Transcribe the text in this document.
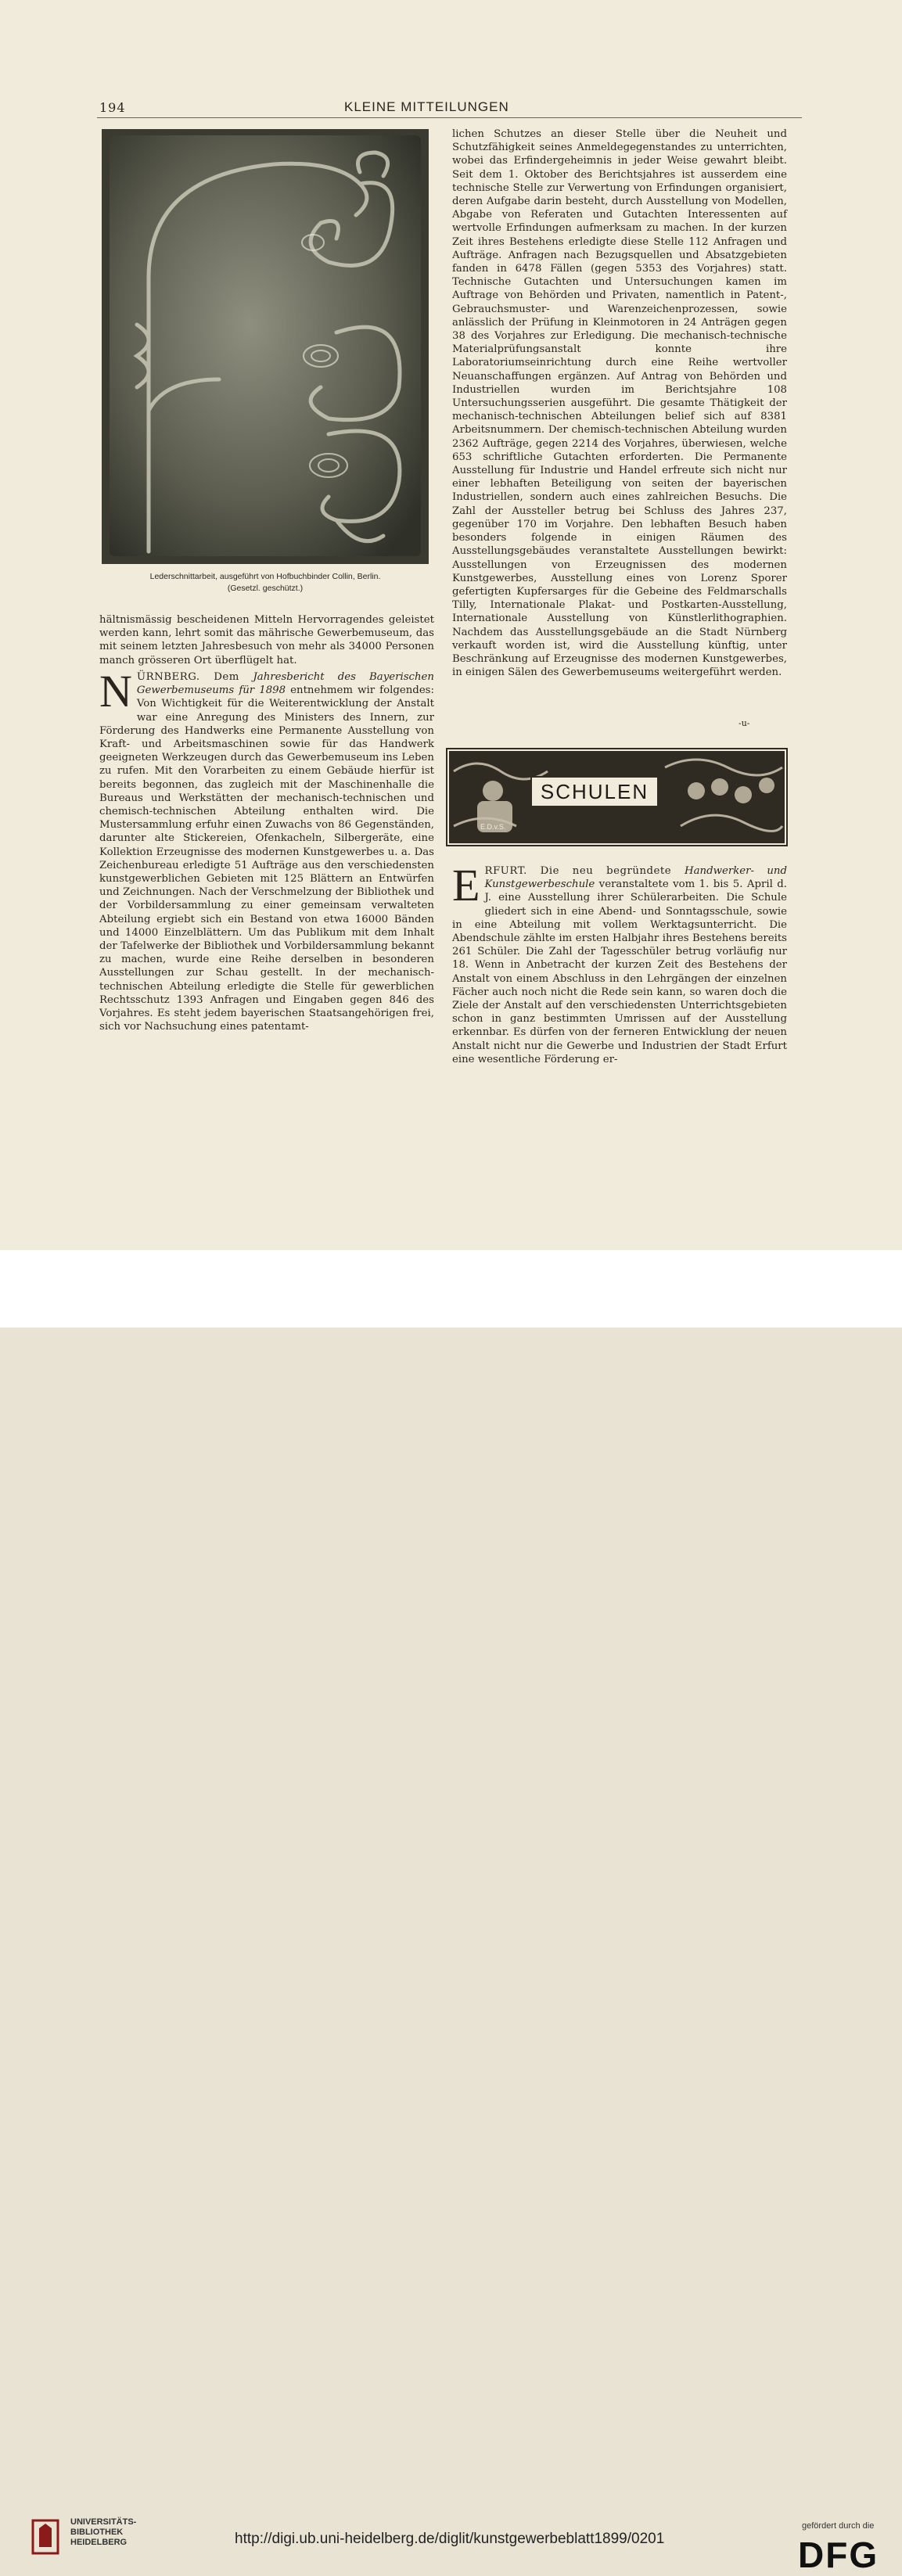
194	KLEINE MITTEILUNGEN
Lederschnittarbeit, ausgeführt von Hofbuchbinder Collin, Berlin.
(Gesetzl. geschützt.)

hältnismässig bescheidenen Mitteln Hervorragendes geleistet werden kann, lehrt somit das mährische Gewerbemuseum, das mit seinem letzten Jahresbesuch von mehr als 34000 Personen manch grösseren Ort überflügelt hat.

NÜRNBERG. Dem Jahresbericht des Bayerischen Gewerbemuseums für 1898 entnehmem wir folgendes: Von Wichtigkeit für die Weiterentwicklung der Anstalt war eine Anregung des Ministers des Innern, zur Förderung des Handwerks eine Permanente Ausstellung von Kraft- und Arbeitsmaschinen sowie für das Handwerk geeigneten Werkzeugen durch das Gewerbemuseum ins Leben zu rufen. Mit den Vorarbeiten zu einem Gebäude hierfür ist bereits begonnen, das zugleich mit der Maschinenhalle die Bureaus und Werkstätten der mechanisch-technischen und chemisch-technischen Abteilung enthalten wird. Die Mustersammlung erfuhr einen Zuwachs von 86 Gegenständen, darunter alte Stickereien, Ofenkacheln, Silbergeräte, eine Kollektion Erzeugnisse des modernen Kunstgewerbes u. a. Das Zeichenbureau erledigte 51 Aufträge aus den verschiedensten kunstgewerblichen Gebieten mit 125 Blättern an Entwürfen und Zeichnungen. Nach der Verschmelzung der Bibliothek und der Vorbildersammlung zu einer gemeinsam verwalteten Abteilung ergiebt sich ein Bestand von etwa 16000 Bänden und 14000 Einzelblättern. Um das Publikum mit dem Inhalt der Tafelwerke der Bibliothek und Vorbildersammlung bekannt zu machen, wurde eine Reihe derselben in besonderen Ausstellungen zur Schau gestellt. In der mechanisch-technischen Abteilung erledigte die Stelle für gewerblichen Rechtsschutz 1393 Anfragen und Eingaben gegen 846 des Vorjahres. Es steht jedem bayerischen Staatsangehörigen frei, sich vor Nachsuchung eines patentamt-

lichen Schutzes an dieser Stelle über die Neuheit und Schutzfähigkeit seines Anmeldegegenstandes zu unterrichten, wobei das Erfindergeheimnis in jeder Weise gewahrt bleibt. Seit dem 1. Oktober des Berichtsjahres ist ausserdem eine technische Stelle zur Verwertung von Erfindungen organisiert, deren Aufgabe darin besteht, durch Ausstellung von Modellen, Abgabe von Referaten und Gutachten Interessenten auf wertvolle Erfindungen aufmerksam zu machen. In der kurzen Zeit ihres Bestehens erledigte diese Stelle 112 Anfragen und Aufträge. Anfragen nach Bezugsquellen und Absatzgebieten fanden in 6478 Fällen (gegen 5353 des Vorjahres) statt. Technische Gutachten und Untersuchungen kamen im Auftrage von Behörden und Privaten, namentlich in Patent-, Gebrauchsmuster- und Warenzeichenprozessen, sowie anlässlich der Prüfung in Kleinmotoren in 24 Anträgen gegen 38 des Vorjahres zur Erledigung. Die mechanisch-technische Materialprüfungsanstalt konnte ihre Laboratoriumseinrichtung durch eine Reihe wertvoller Neuanschaffungen ergänzen. Auf Antrag von Behörden und Industriellen wurden im Berichtsjahre 108 Untersuchungsserien ausgeführt. Die gesamte Thätigkeit der mechanisch-technischen Abteilungen belief sich auf 8381 Arbeitsnummern. Der chemisch-technischen Abteilung wurden 2362 Aufträge, gegen 2214 des Vorjahres, überwiesen, welche 653 schriftliche Gutachten erforderten. Die Permanente Ausstellung für Industrie und Handel erfreute sich nicht nur einer lebhaften Beteiligung von seiten der bayerischen Industriellen, sondern auch eines zahlreichen Besuchs. Die Zahl der Aussteller betrug bei Schluss des Jahres 237, gegenüber 170 im Vorjahre. Den lebhaften Besuch haben besonders folgende in einigen Räumen des Ausstellungsgebäudes veranstaltete Ausstellungen bewirkt: Ausstellungen von Erzeugnissen des modernen Kunstgewerbes, Ausstellung eines von Lorenz Sporer gefertigten Kupfersarges für die Gebeine des Feldmarschalls Tilly, Internationale Plakat- und Postkarten-Ausstellung, Internationale Ausstellung von Künstlerlithographien. Nachdem das Ausstellungsgebäude an die Stadt Nürnberg verkauft worden ist, wird die Ausstellung künftig, unter Beschränkung auf Erzeugnisse des modernen Kunstgewerbes, in einigen Sälen des Gewerbemuseums weitergeführt werden.

-u-
SCHULEN
E.D.v.S.

ERFURT. Die neu begründete Handwerker- und Kunstgewerbeschule veranstaltete vom 1. bis 5. April d. J. eine Ausstellung ihrer Schülerarbeiten. Die Schule gliedert sich in eine Abend- und Sonntagsschule, sowie in eine Abteilung mit vollem Werktagsunterricht. Die Abendschule zählte im ersten Halbjahr ihres Bestehens bereits 261 Schüler. Die Zahl der Tagesschüler betrug vorläufig nur 18. Wenn in Anbetracht der kurzen Zeit des Bestehens der Anstalt von einem Abschluss in den Lehrgängen der einzelnen Fächer auch noch nicht die Rede sein kann, so waren doch die Ziele der Anstalt auf den verschiedensten Unterrichtsgebieten schon in ganz bestimmten Umrissen auf der Ausstellung erkennbar. Es dürfen von der ferneren Entwicklung der neuen Anstalt nicht nur die Gewerbe und Industrien der Stadt Erfurt eine wesentliche Förderung er-

UNIVERSITÄTS-
BIBLIOTHEK
HEIDELBERG	http://digi.ub.uni-heidelberg.de/diglit/kunstgewerbeblatt1899/0201
gefördert durch die
DFG
